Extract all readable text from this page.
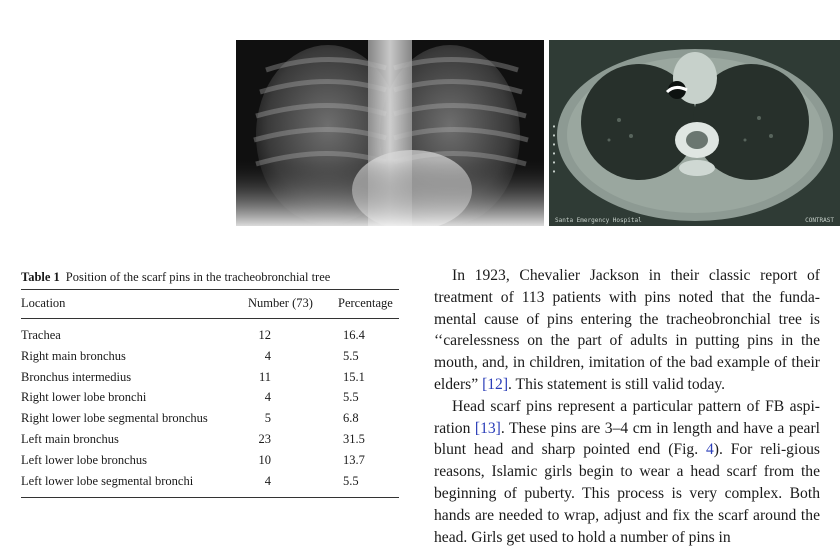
▪ ▪ ▪ ▪ ▪ ▪
Santa Emergency Hospital	CONTRAST
Table 1 Position of the scarf pins in the tracheobronchial tree
Location	Number (73) Percentage
Trachea	12	16.4
Right main bronchus	4	5.5
Bronchus intermedius	11	15.1
Right lower lobe bronchi	4	5.5
Right lower lobe segmental bronchus	5	6.8
Left main bronchus	23	31.5
Left lower lobe bronchus	10	13.7
Left lower lobe segmental bronchi	4	5.5

In 1923, Chevalier Jackson in their classic report of treatment of 113 patients with pins noted that the funda-mental cause of pins entering the tracheobronchial tree is ‘‘carelessness on the part of adults in putting pins in the mouth, and, in children, imitation of the bad example of their elders” [12]. This statement is still valid today.

Head scarf pins represent a particular pattern of FB aspi-ration [13]. These pins are 3–4 cm in length and have a pearl blunt head and sharp pointed end (Fig. 4). For reli-gious reasons, Islamic girls begin to wear a head scarf from the beginning of puberty. This process is very complex. Both hands are needed to wrap, adjust and fix the scarf around the head. Girls get used to hold a number of pins in
